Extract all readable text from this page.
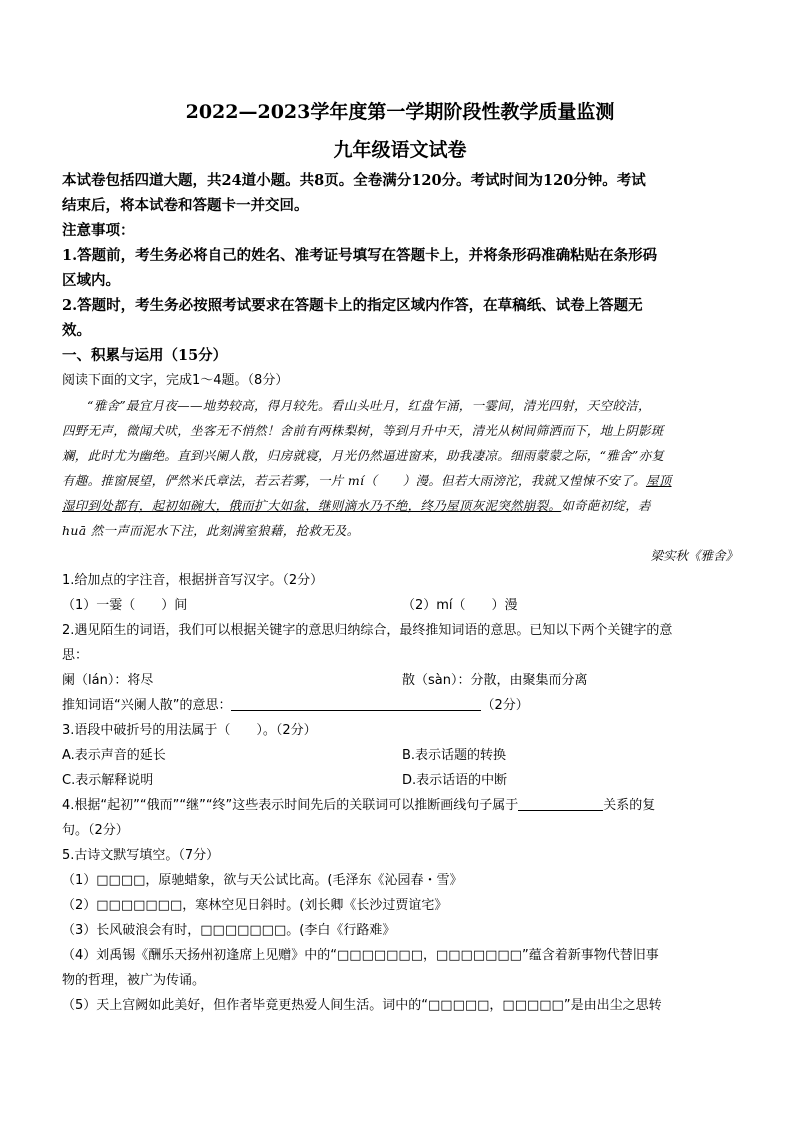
2022—2023学年度第一学期阶段性教学质量监测

九年级语文试卷

本试卷包括四道大题，共24道小题。共8页。全卷满分120分。考试时间为120分钟。考试

结束后，将本试卷和答题卡一并交回。

注意事项：

1.答题前，考生务必将自己的姓名、准考证号填写在答题卡上，并将条形码准确粘贴在条形码

区域内。

2.答题时，考生务必按照考试要求在答题卡上的指定区域内作答，在草稿纸、试卷上答题无

效。

一、积累与运用（15分）

阅读下面的文字，完成1～4题。（8分）

“雅舍”最宜月夜——地势较高，得月较先。看山头吐月，红盘乍涌，一霎间，清光四射，天空皎洁，

四野无声，微闻犬吠，坐客无不悄然！舍前有两株梨树，等到月升中天，清光从树间筛洒而下，地上阴影斑

斓，此时尤为幽绝。直到兴阑人散，归房就寝，月光仍然逼进窗来，助我凄凉。细雨蒙蒙之际，“雅舍”亦复

有趣。推窗展望，俨然米氏章法，若云若雾，一片 mí（　　）漫。但若大雨滂沱，我就又惶悚不安了。屋顶

湿印到处都有，起初如碗大，俄而扩大如盆，继则滴水乃不绝，终乃屋顶灰泥突然崩裂。如奇葩初绽，砉

huā 然一声而泥水下注，此刻满室狼藉，抢救无及。

梁实秋《雅舍》

1.给加点的字注音，根据拼音写汉字。（2分）

（1）一霎（　　）间	（2）mí（　　）漫

2.遇见陌生的词语，我们可以根据关键字的意思归纳综合，最终推知词语的意思。已知以下两个关键字的意

思：

阑（lán）：将尽	散（sàn）：分散，由聚集而分离

推知词语“兴阑人散”的意思：	（2分）

3.语段中破折号的用法属于（　　）。（2分）

A.表示声音的延长	B.表示话题的转换
C.表示解释说明	D.表示话语的中断

4.根据“起初”“俄而”“继”“终”这些表示时间先后的关联词可以推断画线句子属于	关系的复

句。（2分）

5.古诗文默写填空。（7分）

（1）□□□□，原驰蜡象，欲与天公试比高。(毛泽东《沁园春・雪》

（2）□□□□□□□，寒林空见日斜时。(刘长卿《长沙过贾谊宅》

（3）长风破浪会有时，□□□□□□□。(李白《行路难》

（4）刘禹锡《酬乐天扬州初逢席上见赠》中的“□□□□□□□，□□□□□□□”蕴含着新事物代替旧事

物的哲理，被广为传诵。

（5）天上宫阙如此美好，但作者毕竟更热爱人间生活。词中的“□□□□□，□□□□□”是由出尘之思转
